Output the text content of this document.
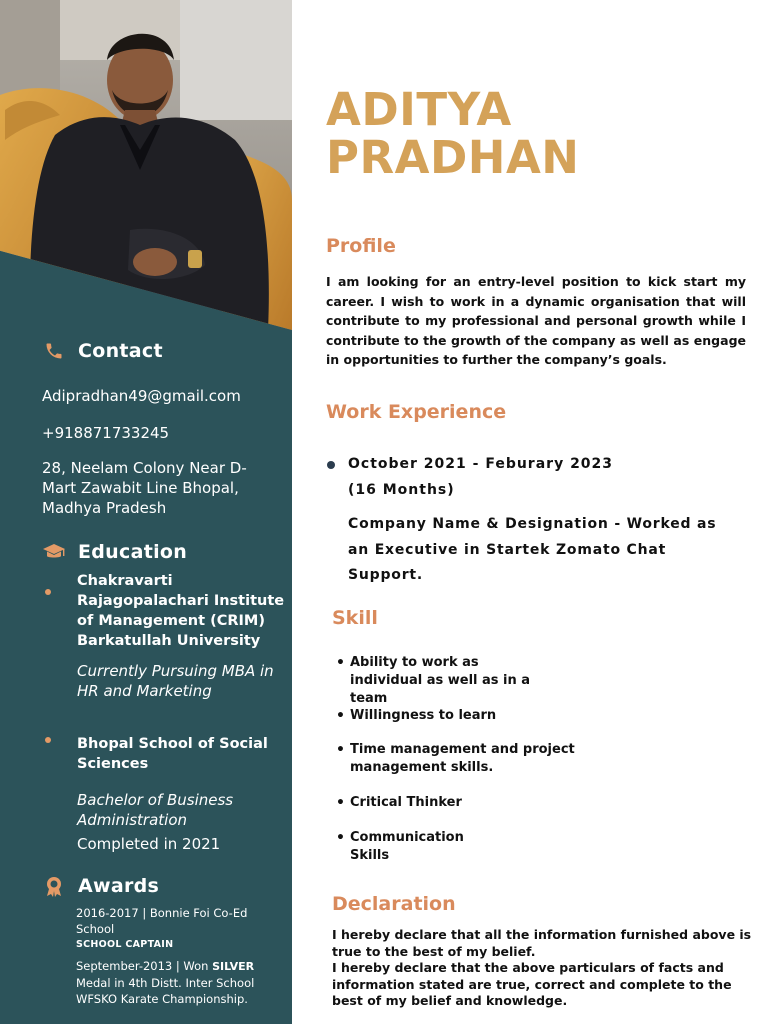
Contact
Adipradhan49@gmail.com
+918871733245
28, Neelam Colony Near D-Mart Zawabit Line Bhopal, Madhya Pradesh
Education
Chakravarti Rajagopalachari Institute of Management (CRIM) Barkatullah University
Currently Pursuing MBA in HR and Marketing
Bhopal School of Social Sciences
Bachelor of Business Administration
Completed in 2021
Awards
2016-2017 | Bonnie Foi Co-Ed School
SCHOOL CAPTAIN
September-2013 | Won SILVER Medal in 4th Distt. Inter School WFSKO Karate Championship.
ADITYA
PRADHAN
Profile
I am looking for an entry-level position to kick start my career. I wish to work in a dynamic organisation that will contribute to my professional and personal growth while I contribute to the growth of the company as well as engage in opportunities to further the company’s goals.
Work Experience
October 2021 - Feburary 2023
(16 Months)
Company Name & Designation - Worked as an Executive in Startek Zomato Chat Support.
Skill
• Ability to work as individual as well as in a team
• Willingness to learn
• Time management and project management skills.
• Critical Thinker
• Communication Skills
Declaration
I hereby declare that all the information furnished above is true to the best of my belief.
I hereby declare that the above particulars of facts and information stated are true, correct and complete to the best of my belief and knowledge.
